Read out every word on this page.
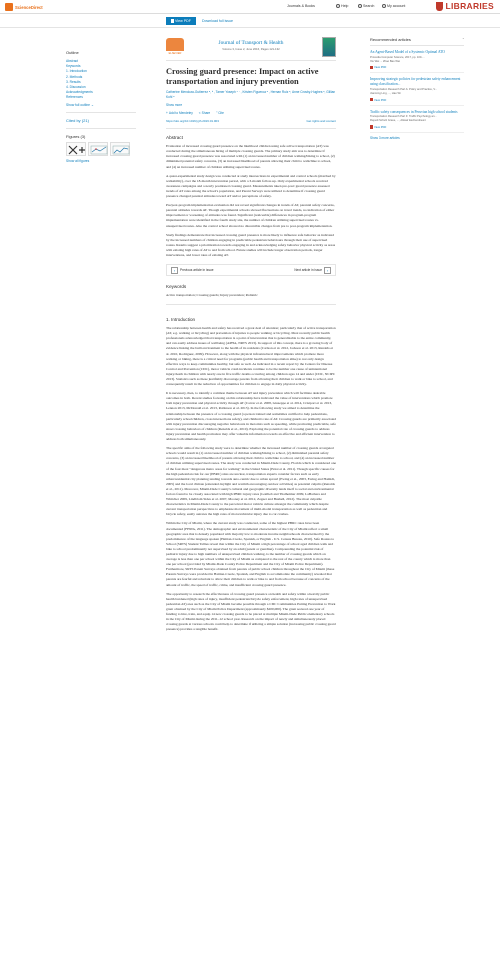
ScienceDirect	Journals & Books	Help	Search	My account	LIBRARIES
View PDF	Download full issue
Outline
Abstract
Keywords
1. Introduction
2. Methods
3. Results
4. Discussion
Acknowledgments
References
Show full outline ⌄
Cited by (21)
Figures (3)
Show all figures
ELSEVIER
Journal of Transport & Health
Volume 3, Issue 2, June 2016, Pages 121-132
Crossing guard presence: Impact on active transportation and injury prevention
Catherine Mendoza-Gutierrez ᵃ, ᵇ , Tamer Yoseph ᶜ · , Kristen Figueroa ᵃ , Hernan Ruiz ᵃ, Anne Crosby-Hughes ᵃ, Gillian Kohl ᵃ
Show more
+ Add to Mendeley < Share ” Cite
https://doi.org/10.1016/j.jth.2016.01.003	Get rights and content
Abstract

Evaluation of increased crossing guard presence on the likelihood children using safe active transportation (AT) was conducted during the simultaneous hiring of multiple crossing guards. The primary study aim was to determine if increased crossing guard presence was associated with (1) an increased number of children walking/biking to school, (2) diminished parental safety concerns, (3) an increased likelihood of parents allowing their child to walk/bike to school, and (4) an increased number of children utilizing supervised routes.

A quasi-experimental study design was conducted at study intersections in experimental and control schools (matched by walkability), over the 18-month intervention period, with a 3-month follow-up. Only experimental schools received awareness campaigns and a newly positioned crossing guard. Measurements taken pre-post: guard presence assessed trends of AT rates among the school's population, and Parent Surveys were utilized to determine if crossing guard presence changed parental attitudes toward AT and/or perceptions of safety.

Pre/post-program implementation evaluation did not reveal significant changes in trends of AT, parental safety concerns, parental attitudes towards AT. Though experimental schools showed fluctuations on travel trends, no indication of either improvement or worsening of attitudes was found. Significant (noticeable) differences in program-program implementation were identified in the fourth study site, the number of children utilizing supervised routes vs. unsupervised routes. Also the control school showed no discernible changes from pre to post-program implementation.

Study findings demonstrate that increased crossing guard presence is more likely to influence safe behavior as indicated by the increased numbers of children engaging in predictable pedestrian behaviours through their use of supervised routes. Results suggest a prioritization towards engaging in and acknowledging safety behavior physical activity as areas with existing high rates of AT to and from school. Future studies will include longer observation periods, longer interventions, and lower rates of existing AT.

‹	Previous article in issue	Next article in issue	›
Keywords
Active transportation; Crossing guards; Injury prevention; Pediatric
1. Introduction

The relationship between health and safety has received a great deal of attention; particularly that of active transportation (AT, e.g. walking or bicycling) and prevention of injuries to people walking or bicycling. Most recently public health professionals acknowledged that transportation is a point of intervention that is generalizable to the entire community, and can easily address issues of wellbeing (APHA, NRTS 2013). In support of this concept, there is a growing body of evidence linking the built environment to the health of its residents (Carlson et al. 2012, Jackson et al. 2013, Renalds et al. 2010, Rodriguez, 2009). However, along with the physical infrastructural improvements which promote more walking or biking, there is a critical need for programs (public health and transportation alike) to not only design effective ways to keep communities healthy, but safe as well. As indicated in a recent report by the Centers for Disease Control and Prevention (CDC), motor vehicle crash incidents continue to be the number one cause of unintentional injury/death in children with nearly one in five traffic deaths occurring among children ages 14 and under (CDC, NCIPC 2013). Statistics such as these justifiably discourage parents from allowing their children to walk or bike to school, and consequently result in the reduction of opportunities for children to engage in daily physical activity.

It is necessary, then, to identify a common theme between AT and injury prevention which will facilitate desirable outcomes in both. Recent studies focusing on this relationship have indicated the value of interventions which promote both injury prevention and physical activity through AT (Carver et al. 2008, Giuseppe et al. 2014, Cristport et al. 2013, Lennon 2013, McDonald et al. 2013, Robinson et al. 2013). In the following study we aimed to determine the relationship between the presence of a crossing guard (a person trained and sometimes certified to help pedestrians, particularly schoolchildren, cross intersections safely), and children's rate of AT. Crossing guards are primarily associated with injury prevention discouraging negative behaviours in motorists such as speeding, while promoting predictable, safe street crossing behaviors of children (Renalds et al., 2010). Exploring the potential role of crossing guards to address injury prevention and health promotion may offer valuable information towards an effective and efficient intervention to address both simultaneously.

The specific aims of the following study were to determine whether the increased number of crossing guards at targeted schools would result in (1) an increased number of children walking/biking to school, (2) diminished parental safety concerns, (3) an increased likelihood of parents allowing their child to walk/bike to school, and (4) an increased number of children utilizing supervised routes. The study was conducted in Miami-Dade County, Florida which is considered one of the four most "dangerous metro areas for walking" in the United States (Ernst et al. 2011). Though specific causes for the high pedestrian risk for our (PBRC) sites are unclear, transportation experts consider factors such as early urban/residential city planning tending towards auto-centric due to urban sprawl (Ewing et al., 2003, Ewing and Hamidi, 2005) and the local climate (extended daylight and warmth encouraging outdoor activities) as potential culprits (Renalds et al., 2011). Moreover, Miami-Dade County's cultural and geographic diversity lends itself to social and environmental factors found to be closely associated with high PBRC injury rates (Gottlieb and Thalheimer 2009, LaBarbera and Whitcher 2009, Lindblom Sides et al. 2007, Mooney et al. 2012, Zegeer and Bushell, 2012). The most culpable characteristics in Miami-Dade County to the perceived motor vehicle culture amongst the community which despite current transportation perspectives to emphasize movement of multi-modal transportation as well as pedestrian and bicycle safety, easily outrates the high rates of motorvehicular injury due to car crashes.

Within the City of Miami, where the current study was conducted, some of the highest PBRC rates have been documented (FHWA, 2011). The demographic and environmental characteristic of the City of Miami reflect a small geographic area that is densely populated with majority low to moderate income neighborhoods characterized by the predominance of the language spoken (Haitian-Creole, Spanish, or English - U.S. Census Bureau, 2010). Safe Routes to School (SRTS) Student Tallies reveal that within the City of Miami a high percentage of school aged children walk and bike to school predominantly not supervised by an adult (parent or guardian). Compounding the potential risk of pediatric injury due to high numbers of unsupervised children walking, is the number of crossing guards which on average is less than one per school within the City of Miami as compared to the rest of the county which is more than one per school (provided by Miami-Dade County Police Department and the City of Miami Police Department). Furthermore, SRTS Parent Surveys obtained from parents of public school children throughout the City of Miami (these Parents Surveys were provided in Haitian-Creole, Spanish, and English to accommodate the community) revealed that parents are fearful and reluctant to allow their children to walk or bike to and from school because of concerns of the amount of traffic, the speed of traffic, crime, and insufficient crossing guard presence.

The opportunity to research the effectiveness of crossing guard presence on health and safety within a heavily public health burdened (high rates of injury, insufficient pedestrian/bicycle safety enforcement, high rates of unsupervised pedestrian AT) area such as the City of Miami became possible through a CDC Communities Putting Prevention to Work grant obtained by the City of Miami Police Department (approximately $200,000). The grant secured one year of funding to hire, train, and equip 14 new crossing guards to be placed at multiple Miami-Dade Public elementary schools in the City of Miami during the 2011–12 school year. Research on the impact of newly and simultaneously placed crossing guards at various schools could help to determine if utilizing a simple solution (increasing public crossing guard presence) provides a tangible benefit.

Recommended articles	ˆ
An Agent-Based Model of a Systemic Optimal ATO
Procedia Computer Science, 2017, pp. 100-...
Xiu Wei ... Zhao Bao Wei
View PDF
Improving strategic policies for pedestrian safety enhancement using classification...
Transportation Research Part A: Policy and Practice, V...
Jianming Ling, ..., Hao Wi
View PDF
Traffic safety consequences in Peruvian high school students
Transportation Research Part F: Traffic Psychology an...
Rayudi Schulz Grave, ..., Alistair Eschendraunt
View PDF
Show 3 more articles
